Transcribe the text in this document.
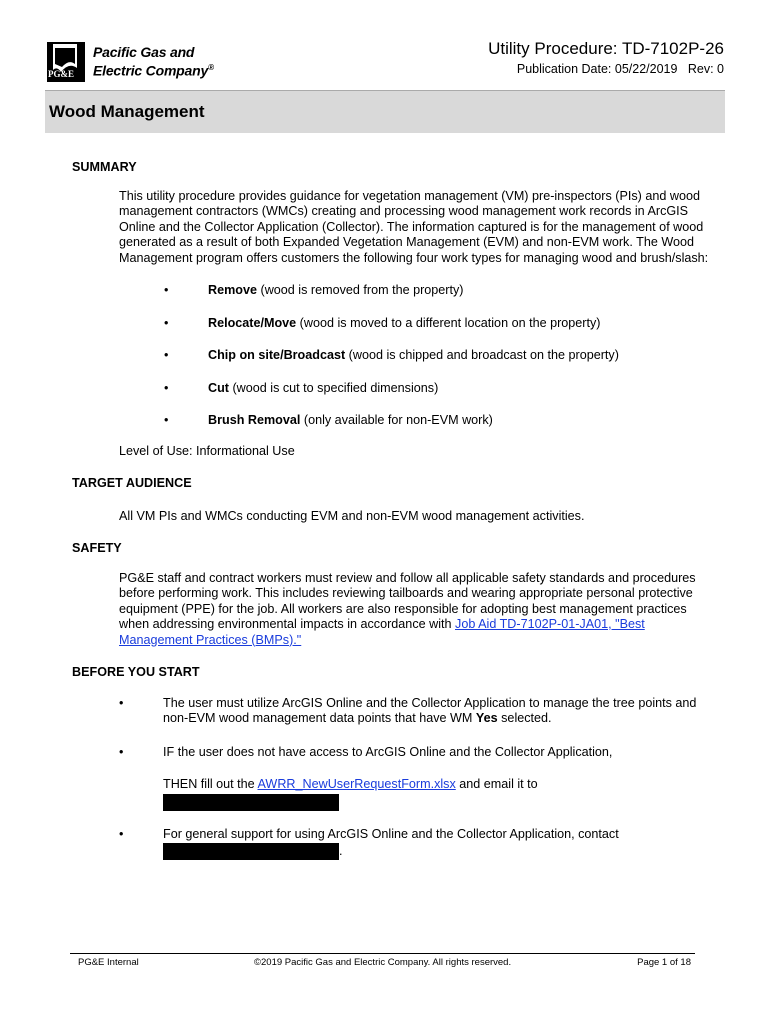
PG&E
Pacific Gas and
Electric Company®
Utility Procedure: TD-7102P-26
Publication Date: 05/22/2019 Rev: 0
Wood Management
SUMMARY
This utility procedure provides guidance for vegetation management (VM) pre-inspectors (PIs) and wood management contractors (WMCs) creating and processing wood management work records in ArcGIS Online and the Collector Application (Collector). The information captured is for the management of wood generated as a result of both Expanded Vegetation Management (EVM) and non-EVM work. The Wood Management program offers customers the following four work types for managing wood and brush/slash:
• Remove (wood is removed from the property)
• Relocate/Move (wood is moved to a different location on the property)
• Chip on site/Broadcast (wood is chipped and broadcast on the property)
• Cut (wood is cut to specified dimensions)
• Brush Removal (only available for non-EVM work)
Level of Use: Informational Use
TARGET AUDIENCE
All VM PIs and WMCs conducting EVM and non-EVM wood management activities.
SAFETY
PG&E staff and contract workers must review and follow all applicable safety standards and procedures before performing work. This includes reviewing tailboards and wearing appropriate personal protective equipment (PPE) for the job. All workers are also responsible for adopting best management practices when addressing environmental impacts in accordance with Job Aid TD-7102P-01-JA01, "Best Management Practices (BMPs)."
BEFORE YOU START
• The user must utilize ArcGIS Online and the Collector Application to manage the tree points and non-EVM wood management data points that have WM Yes selected.
• IF the user does not have access to ArcGIS Online and the Collector Application,
THEN fill out the AWRR_NewUserRequestForm.xlsx and email it to
• For general support for using ArcGIS Online and the Collector Application, contact
.
PG&E Internal	©2019 Pacific Gas and Electric Company. All rights reserved.	Page 1 of 18
